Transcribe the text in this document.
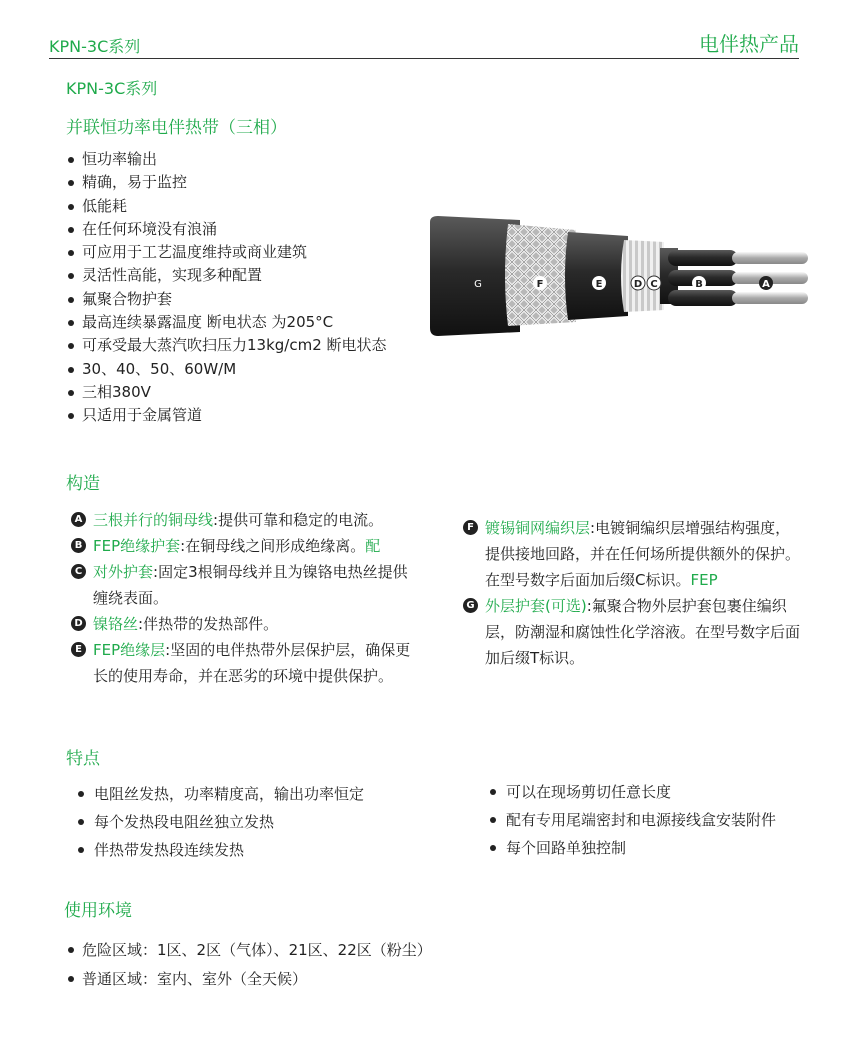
KPN-3C系列	电伴热产品
KPN-3C系列
并联恒功率电伴热带（三相）
恒功率输出
精确，易于监控
低能耗
在任何环境没有浪涌
可应用于工艺温度维持或商业建筑
灵活性高能，实现多种配置
氟聚合物护套
最高连续暴露温度 断电状态 为205°C
可承受最大蒸汽吹扫压力13kg/cm2 断电状态
30、40、50、60W/M
三相380V
只适用于金属管道
G	F	E	D C	B	A
构造
A 三根并行的铜母线:提供可靠和稳定的电流。
B FEP绝缘护套:在铜母线之间形成绝缘离。配
C 对外护套:固定3根铜母线并且为镍铬电热丝提供缠绕表面。
D 镍铬丝:伴热带的发热部件。
E FEP绝缘层:坚固的电伴热带外层保护层，确保更长的使用寿命，并在恶劣的环境中提供保护。
F 镀锡铜网编织层:电镀铜编织层增强结构强度，提供接地回路，并在任何场所提供额外的保护。在型号数字后面加后缀C标识。FEP
G 外层护套(可选):氟聚合物外层护套包裹住编织层，防潮湿和腐蚀性化学溶液。在型号数字后面加后缀T标识。
特点
电阻丝发热，功率精度高，输出功率恒定
每个发热段电阻丝独立发热
伴热带发热段连续发热
可以在现场剪切任意长度
配有专用尾端密封和电源接线盒安装附件
每个回路单独控制
使用环境
危险区域：1区、2区（气体）、21区、22区（粉尘）
普通区域：室内、室外（全天候）
